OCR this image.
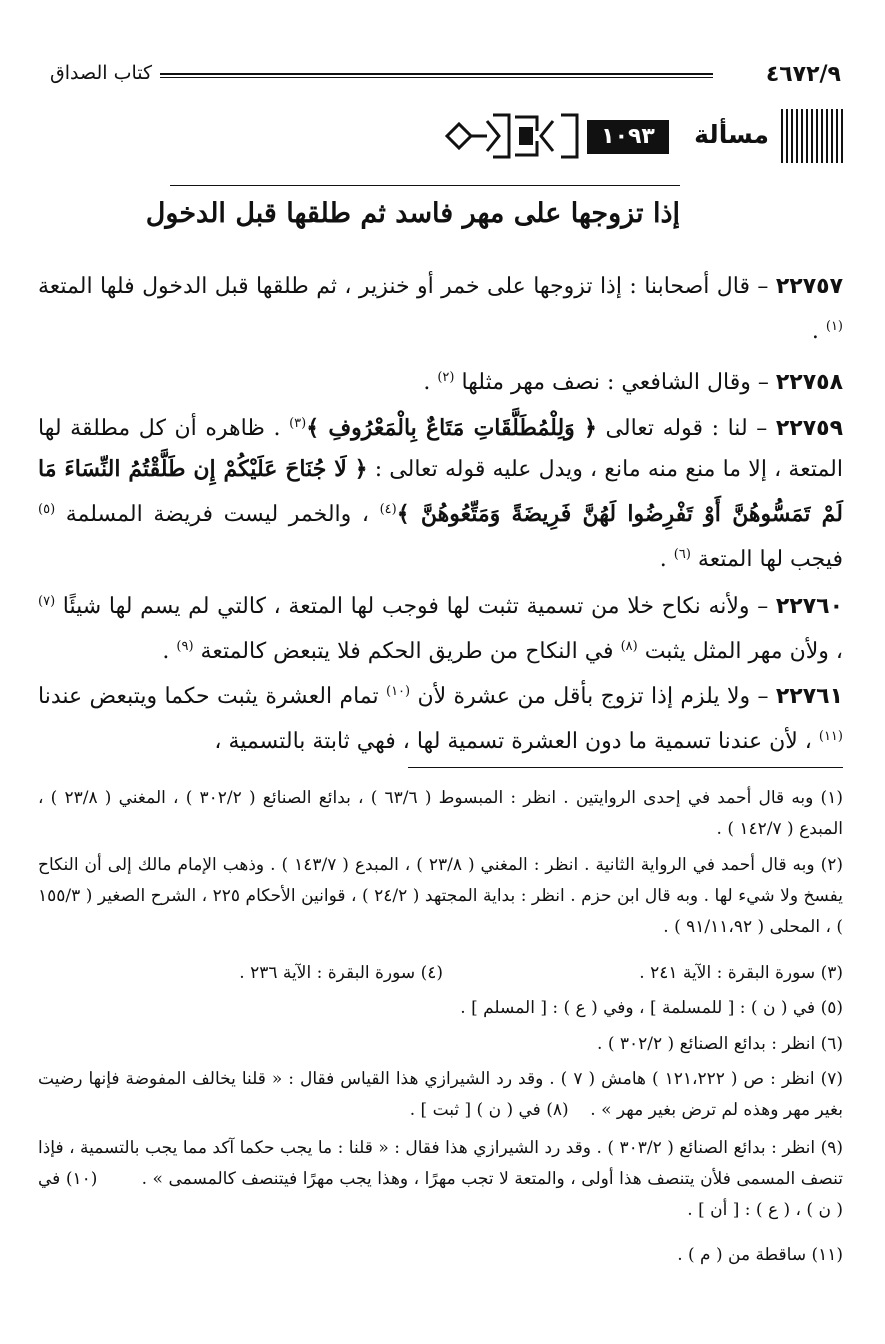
٤٦٧٢/٩
كتاب الصداق
مسألة
١٠٩٣
إذا تزوجها على مهر فاسد ثم طلقها قبل الدخول
٢٢٧٥٧ – قال أصحابنا : إذا تزوجها على خمر أو خنزير ، ثم طلقها قبل الدخول فلها المتعة $^{(١)}$ .
٢٢٧٥٨ – وقال الشافعي : نصف مهر مثلها $^{(٢)}$ .
٢٢٧٥٩ – لنا : قوله تعالى ﴿ وَلِلْمُطَلَّقَاتِ مَتَاعٌ بِالْمَعْرُوفِ ﴾$^{(٣)}$ . ظاهره أن كل مطلقة لها المتعة ، إلا ما منع منه مانع ، ويدل عليه قوله تعالى : ﴿ لَا جُنَاحَ عَلَيْكُمْ إِن طَلَّقْتُمُ النِّسَاءَ مَا لَمْ تَمَسُّوهُنَّ أَوْ تَفْرِضُوا لَهُنَّ فَرِيضَةً وَمَتِّعُوهُنَّ ﴾$^{(٤)}$ ، والخمر ليست فريضة المسلمة $^{(٥)}$ فيجب لها المتعة $^{(٦)}$ .
٢٢٧٦٠ – ولأنه نكاح خلا من تسمية تثبت لها فوجب لها المتعة ، كالتي لم يسم لها شيئًا $^{(٧)}$ ، ولأن مهر المثل يثبت $^{(٨)}$ في النكاح من طريق الحكم فلا يتبعض كالمتعة $^{(٩)}$ .
٢٢٧٦١ – ولا يلزم إذا تزوج بأقل من عشرة لأن $^{(١٠)}$ تمام العشرة يثبت حكما ويتبعض عندنا $^{(١١)}$ ، لأن عندنا تسمية ما دون العشرة تسمية لها ، فهي ثابتة بالتسمية ،
(١) وبه قال أحمد في إحدى الروايتين . انظر : المبسوط ( ٦٣/٦ ) ، بدائع الصنائع ( ٣٠٢/٢ ) ، المغني ( ٢٣/٨ ) ، المبدع ( ١٤٢/٧ ) .
(٢) وبه قال أحمد في الرواية الثانية . انظر : المغني ( ٢٣/٨ ) ، المبدع ( ١٤٣/٧ ) . وذهب الإمام مالك إلى أن النكاح يفسخ ولا شيء لها . وبه قال ابن حزم . انظر : بداية المجتهد ( ٢٤/٢ ) ، قوانين الأحكام ٢٢٥ ، الشرح الصغير ( ١٥٥/٣ ) ، المحلى ( ٩١/١١،٩٢ ) .
(٣) سورة البقرة : الآية ٢٤١ .(٤) سورة البقرة : الآية ٢٣٦ .
(٥) في ( ن ) : [ للمسلمة ] ، وفي ( ع ) : [ المسلم ] .
(٦) انظر : بدائع الصنائع ( ٣٠٢/٢ ) .
(٧) انظر : ص ( ١٢١،٢٢٢ ) هامش ( ٧ ) . وقد رد الشيرازي هذا القياس فقال : « قلنا يخالف المفوضة فإنها رضيت بغير مهر وهذه لم ترض بغير مهر » .    (٨) في ( ن ) [ ثبت ] .
(٩) انظر : بدائع الصنائع ( ٣٠٣/٢ ) . وقد رد الشيرازي هذا فقال : « قلنا : ما يجب حكما آكد مما يجب بالتسمية ، فإذا تنصف المسمى فلأن يتنصف هذا أولى ، والمتعة لا تجب مهرًا ، وهذا يجب مهرًا فيتنصف كالمسمى » .        (١٠) في ( ن ) ، ( ع ) : [ أن ] .
(١١) ساقطة من ( م ) .
